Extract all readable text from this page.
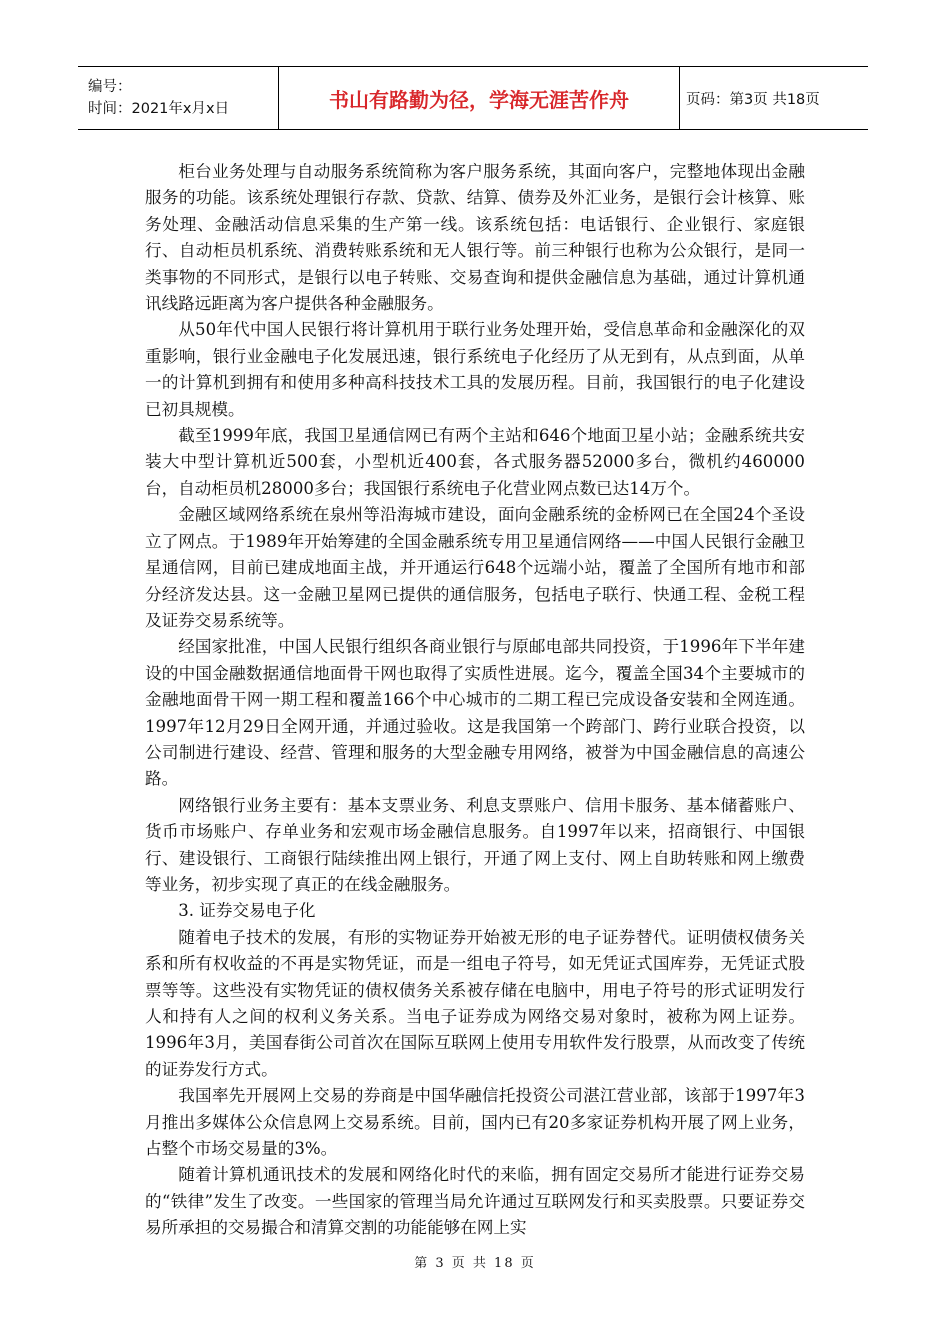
编号：
时间：2021年x月x日	书山有路勤为径，学海无涯苦作舟	页码：第3页 共18页

柜台业务处理与自动服务系统简称为客户服务系统，其面向客户，完整地体现出金融服务的功能。该系统处理银行存款、贷款、结算、债券及外汇业务，是银行会计核算、账务处理、金融活动信息采集的生产第一线。该系统包括：电话银行、企业银行、家庭银行、自动柜员机系统、消费转账系统和无人银行等。前三种银行也称为公众银行，是同一类事物的不同形式，是银行以电子转账、交易查询和提供金融信息为基础，通过计算机通讯线路远距离为客户提供各种金融服务。

从50年代中国人民银行将计算机用于联行业务处理开始，受信息革命和金融深化的双重影响，银行业金融电子化发展迅速，银行系统电子化经历了从无到有，从点到面，从单一的计算机到拥有和使用多种高科技技术工具的发展历程。目前，我国银行的电子化建设已初具规模。

截至1999年底，我国卫星通信网已有两个主站和646个地面卫星小站；金融系统共安装大中型计算机近500套，小型机近400套，各式服务器52000多台，微机约460000台，自动柜员机28000多台；我国银行系统电子化营业网点数已达14万个。

金融区域网络系统在泉州等沿海城市建设，面向金融系统的金桥网已在全国24个圣设立了网点。于1989年开始筹建的全国金融系统专用卫星通信网络——中国人民银行金融卫星通信网，目前已建成地面主战，并开通运行648个远端小站，覆盖了全国所有地市和部分经济发达县。这一金融卫星网已提供的通信服务，包括电子联行、快通工程、金税工程及证券交易系统等。

经国家批准，中国人民银行组织各商业银行与原邮电部共同投资，于1996年下半年建设的中国金融数据通信地面骨干网也取得了实质性进展。迄今，覆盖全国34个主要城市的金融地面骨干网一期工程和覆盖166个中心城市的二期工程已完成设备安装和全网连通。1997年12月29日全网开通，并通过验收。这是我国第一个跨部门、跨行业联合投资，以公司制进行建设、经营、管理和服务的大型金融专用网络，被誉为中国金融信息的高速公路。

网络银行业务主要有：基本支票业务、利息支票账户、信用卡服务、基本储蓄账户、货币市场账户、存单业务和宏观市场金融信息服务。自1997年以来，招商银行、中国银行、建设银行、工商银行陆续推出网上银行，开通了网上支付、网上自助转账和网上缴费等业务，初步实现了真正的在线金融服务。

3. 证券交易电子化

随着电子技术的发展，有形的实物证券开始被无形的电子证券替代。证明债权债务关系和所有权收益的不再是实物凭证，而是一组电子符号，如无凭证式国库券，无凭证式股票等等。这些没有实物凭证的债权债务关系被存储在电脑中，用电子符号的形式证明发行人和持有人之间的权利义务关系。当电子证券成为网络交易对象时，被称为网上证券。1996年3月，美国春街公司首次在国际互联网上使用专用软件发行股票，从而改变了传统的证券发行方式。

我国率先开展网上交易的券商是中国华融信托投资公司湛江营业部，该部于1997年3月推出多媒体公众信息网上交易系统。目前，国内已有20多家证券机构开展了网上业务，占整个市场交易量的3%。

随着计算机通讯技术的发展和网络化时代的来临，拥有固定交易所才能进行证券交易的“铁律”发生了改变。一些国家的管理当局允许通过互联网发行和买卖股票。只要证券交易所承担的交易撮合和清算交割的功能能够在网上实

第 3 页 共 18 页
